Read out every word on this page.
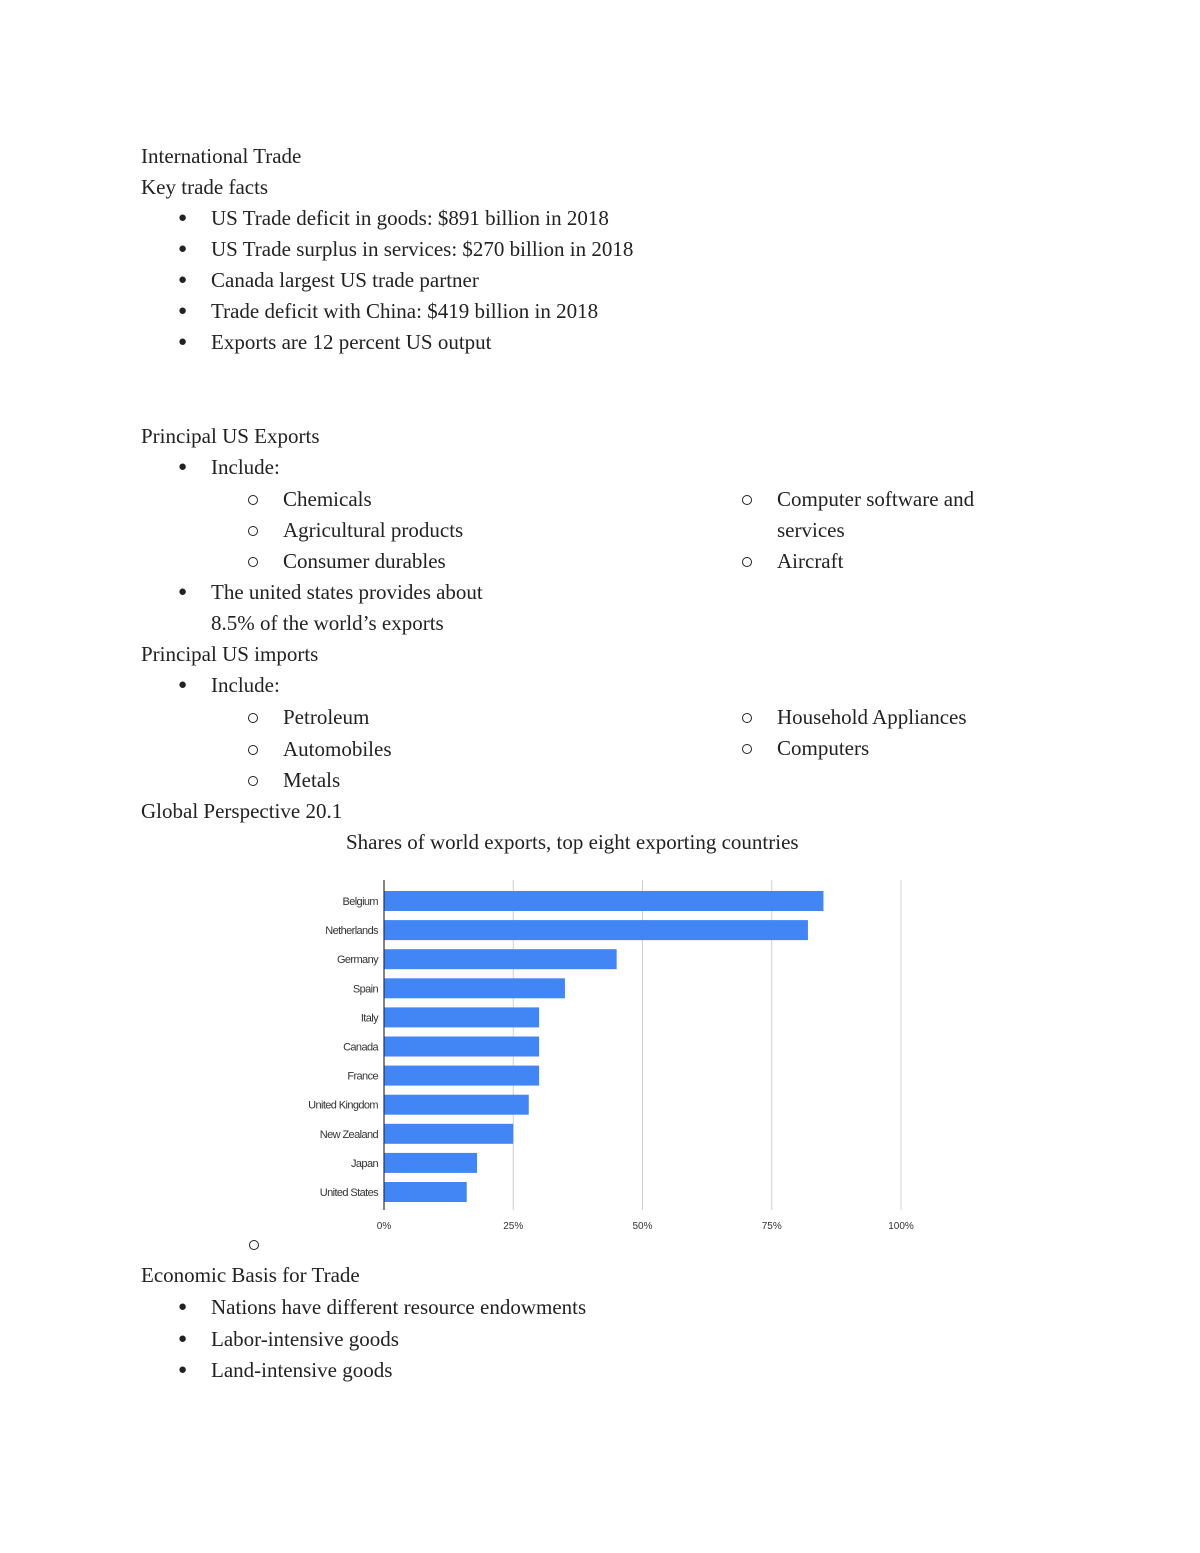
International Trade
Key trade facts
● US Trade deficit in goods: $891 billion in 2018
● US Trade surplus in services: $270 billion in 2018
● Canada largest US trade partner
● Trade deficit with China: $419 billion in 2018
● Exports are 12 percent US output
Principal US Exports
● Include:
Chemicals
Agricultural products
Consumer durables
Computer software and
services
Aircraft
● The united states provides about
8.5% of the world’s exports
Principal US imports
● Include:
Petroleum
Automobiles
Metals
Household Appliances
Computers
Global Perspective 20.1
Shares of world exports, top eight exporting countries
0%	25%	50%	75%	100%
Belgium
Netherlands
Germany
Spain
Italy
Canada
France
United Kingdom
New Zealand
Japan
United States
Economic Basis for Trade
● Nations have different resource endowments
● Labor-intensive goods
● Land-intensive goods
